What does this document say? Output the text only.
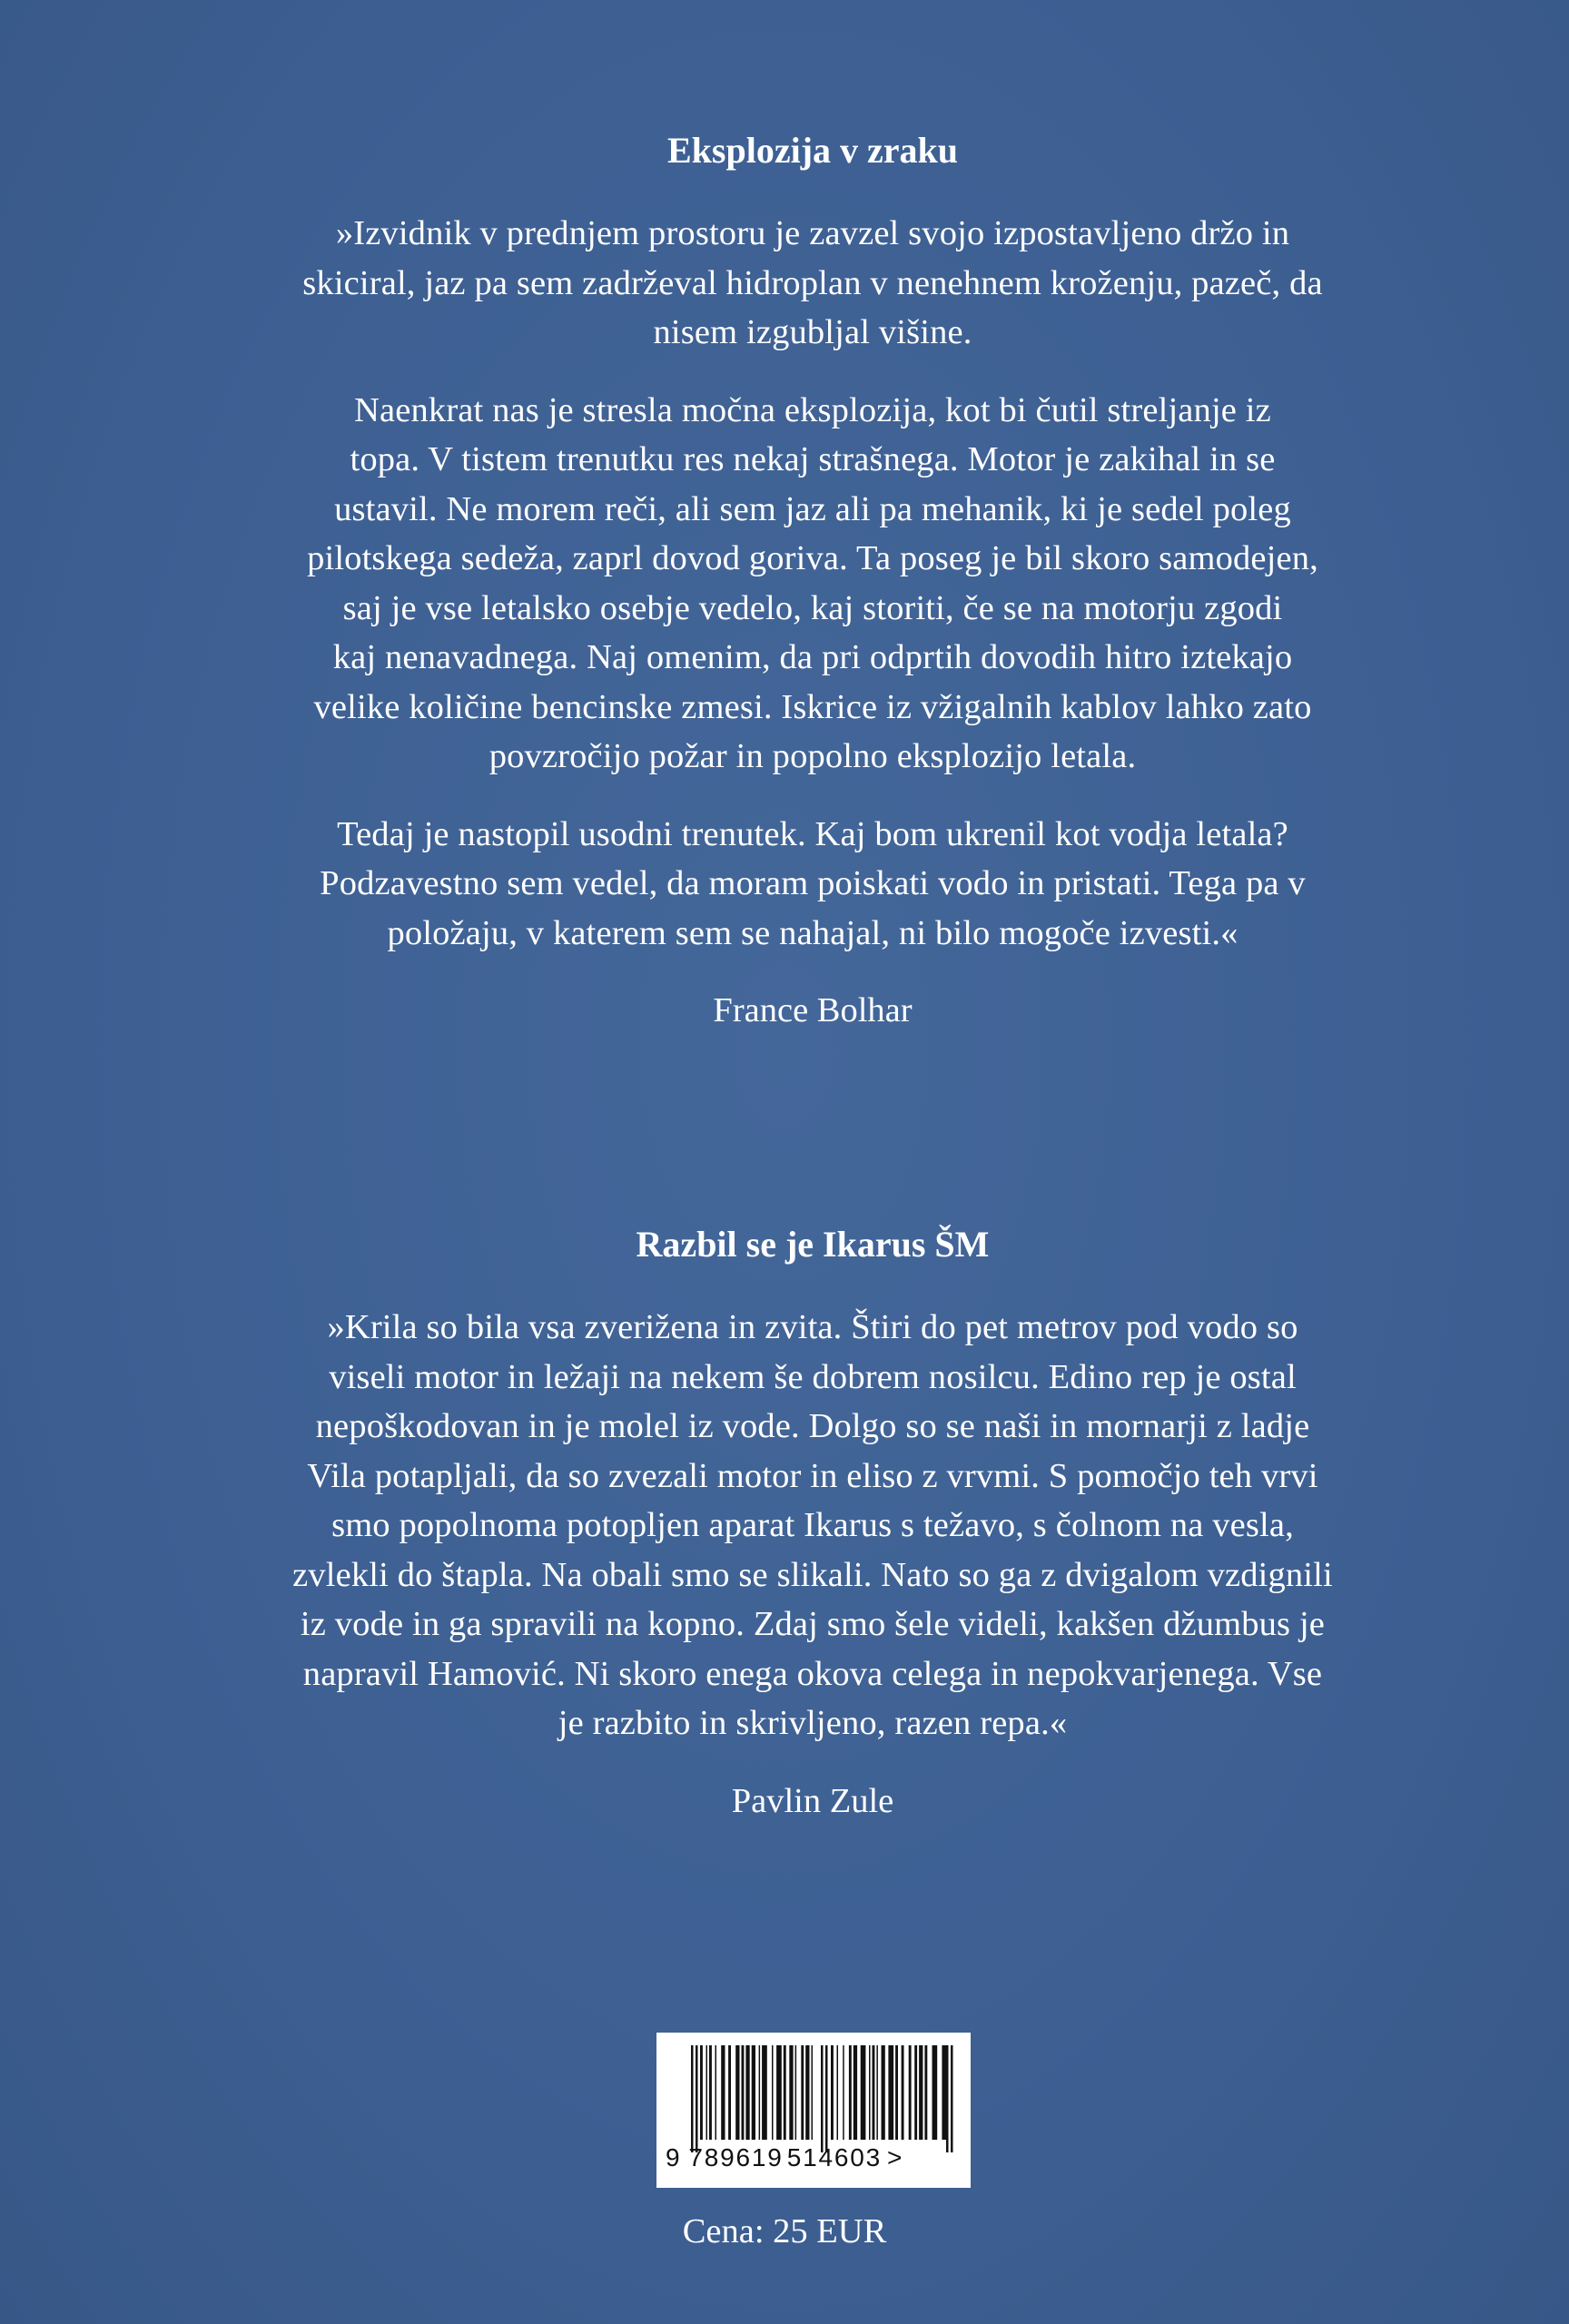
Eksplozija v zraku
»Izvidnik v prednjem prostoru je zavzel svojo izpostavljeno držo in
skiciral, jaz pa sem zadrževal hidroplan v nenehnem kroženju, pazeč, da
nisem izgubljal višine.
Naenkrat nas je stresla močna eksplozija, kot bi čutil streljanje iz
topa. V tistem trenutku res nekaj strašnega. Motor je zakihal in se
ustavil. Ne morem reči, ali sem jaz ali pa mehanik, ki je sedel poleg
pilotskega sedeža, zaprl dovod goriva. Ta poseg je bil skoro samodejen,
saj je vse letalsko osebje vedelo, kaj storiti, če se na motorju zgodi
kaj nenavadnega. Naj omenim, da pri odprtih dovodih hitro iztekajo
velike količine bencinske zmesi. Iskrice iz vžigalnih kablov lahko zato
povzročijo požar in popolno eksplozijo letala.
Tedaj je nastopil usodni trenutek. Kaj bom ukrenil kot vodja letala?
Podzavestno sem vedel, da moram poiskati vodo in pristati. Tega pa v
položaju, v katerem sem se nahajal, ni bilo mogoče izvesti.«
France Bolhar
Razbil se je Ikarus ŠM
»Krila so bila vsa zverižena in zvita. Štiri do pet metrov pod vodo so
viseli motor in ležaji na nekem še dobrem nosilcu. Edino rep je ostal
nepoškodovan in je molel iz vode. Dolgo so se naši in mornarji z ladje
Vila potapljali, da so zvezali motor in eliso z vrvmi. S pomočjo teh vrvi
smo popolnoma potopljen aparat Ikarus s težavo, s čolnom na vesla,
zvlekli do štapla. Na obali smo se slikali. Nato so ga z dvigalom vzdignili
iz vode in ga spravili na kopno. Zdaj smo šele videli, kakšen džumbus je
napravil Hamović. Ni skoro enega okova celega in nepokvarjenega. Vse
je razbito in skrivljeno, razen repa.«
Pavlin Zule
9 789619  514603 >
Cena: 25 EUR
